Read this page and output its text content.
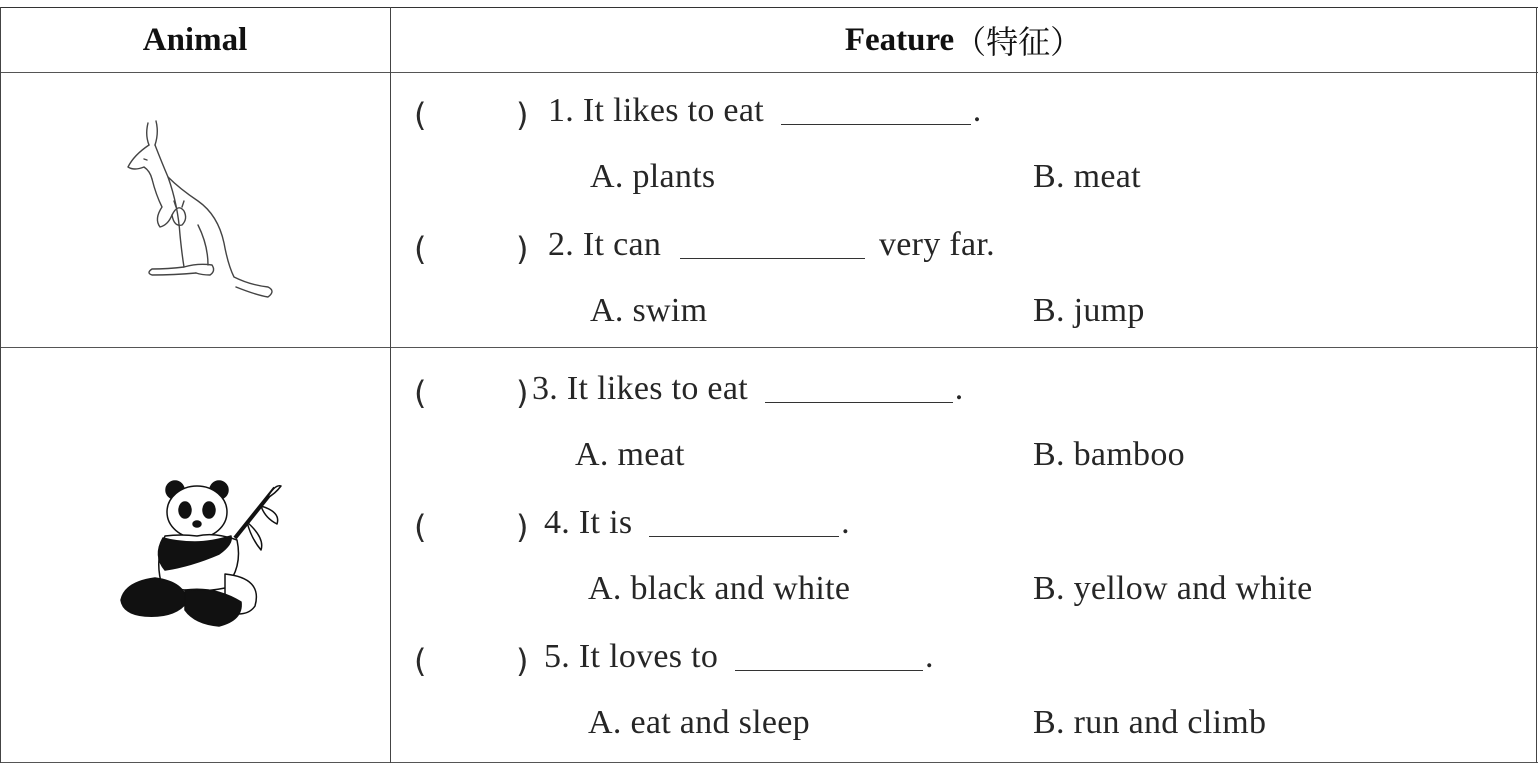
Animal	Feature （特征）
(	) 1. It likes to eat	.
A. plants	B. meat
(	) 2. It can	very far.
A. swim	B. jump
(	) 3. It likes to eat	.
A. meat	B. bamboo
(	) 4. It is	.
A. black and white	B. yellow and white
(	) 5. It loves to	.
A. eat and sleep	B. run and climb
